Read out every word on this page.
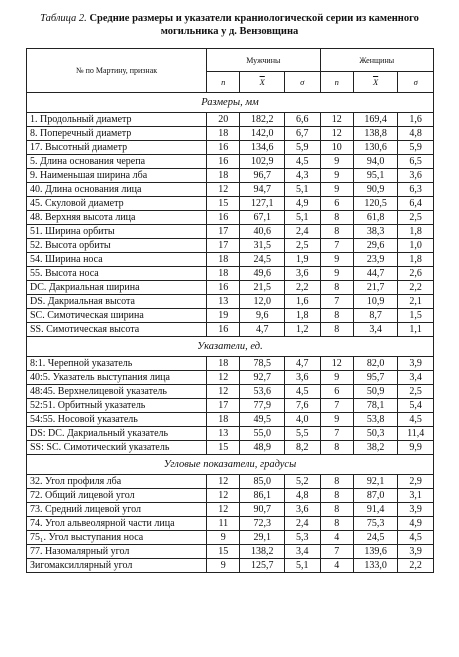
Таблица 2. Средние размеры и указатели краниологической серии из каменного могильника у д. Вензовщина
№ по Мартину, признак	Мужчины			Женщины		
	n	$\overline{X}$	σ	n	$\overline{X}$	σ
Размеры, мм						
1. Продольный диаметр	20	182,2	6,6	12	169,4	1,6
8. Поперечный диаметр	18	142,0	6,7	12	138,8	4,8
17. Высотный диаметр	16	134,6	5,9	10	130,6	5,9
5. Длина основания черепа	16	102,9	4,5	9	94,0	6,5
9. Наименьшая ширина лба	18	96,7	4,3	9	95,1	3,6
40. Длина основания лица	12	94,7	5,1	9	90,9	6,3
45. Скуловой диаметр	15	127,1	4,9	6	120,5	6,4
48. Верхняя высота лица	16	67,1	5,1	8	61,8	2,5
51. Ширина орбиты	17	40,6	2,4	8	38,3	1,8
52. Высота орбиты	17	31,5	2,5	7	29,6	1,0
54. Ширина носа	18	24,5	1,9	9	23,9	1,8
55. Высота носа	18	49,6	3,6	9	44,7	2,6
DC. Дакриальная ширина	16	21,5	2,2	8	21,7	2,2
DS. Дакриальная высота	13	12,0	1,6	7	10,9	2,1
SC. Симотическая ширина	19	9,6	1,8	8	8,7	1,5
SS. Симотическая высота	16	4,7	1,2	8	3,4	1,1
Указатели, ед.						
8:1. Черепной указатель	18	78,5	4,7	12	82,0	3,9
40:5. Указатель выступания лица	12	92,7	3,6	9	95,7	3,4
48:45. Верхнелицевой указатель	12	53,6	4,5	6	50,9	2,5
52:51. Орбитный указатель	17	77,9	7,6	7	78,1	5,4
54:55. Носовой указатель	18	49,5	4,0	9	53,8	4,5
DS: DC. Дакриальный указатель	13	55,0	5,5	7	50,3	11,4
SS: SC. Симотический указатель	15	48,9	8,2	8	38,2	9,9
Угловые показатели, градусы						
32. Угол профиля лба	12	85,0	5,2	8	92,1	2,9
72. Общий лицевой угол	12	86,1	4,8	8	87,0	3,1
73. Средний лицевой угол	12	90,7	3,6	8	91,4	3,9
74. Угол альвеолярной части лица	11	72,3	2,4	8	75,3	4,9
75₁. Угол выступания носа	9	29,1	5,3	4	24,5	4,5
77. Назомалярный угол	15	138,2	3,4	7	139,6	3,9
Зигомаксиллярный угол	9	125,7	5,1	4	133,0	2,2
